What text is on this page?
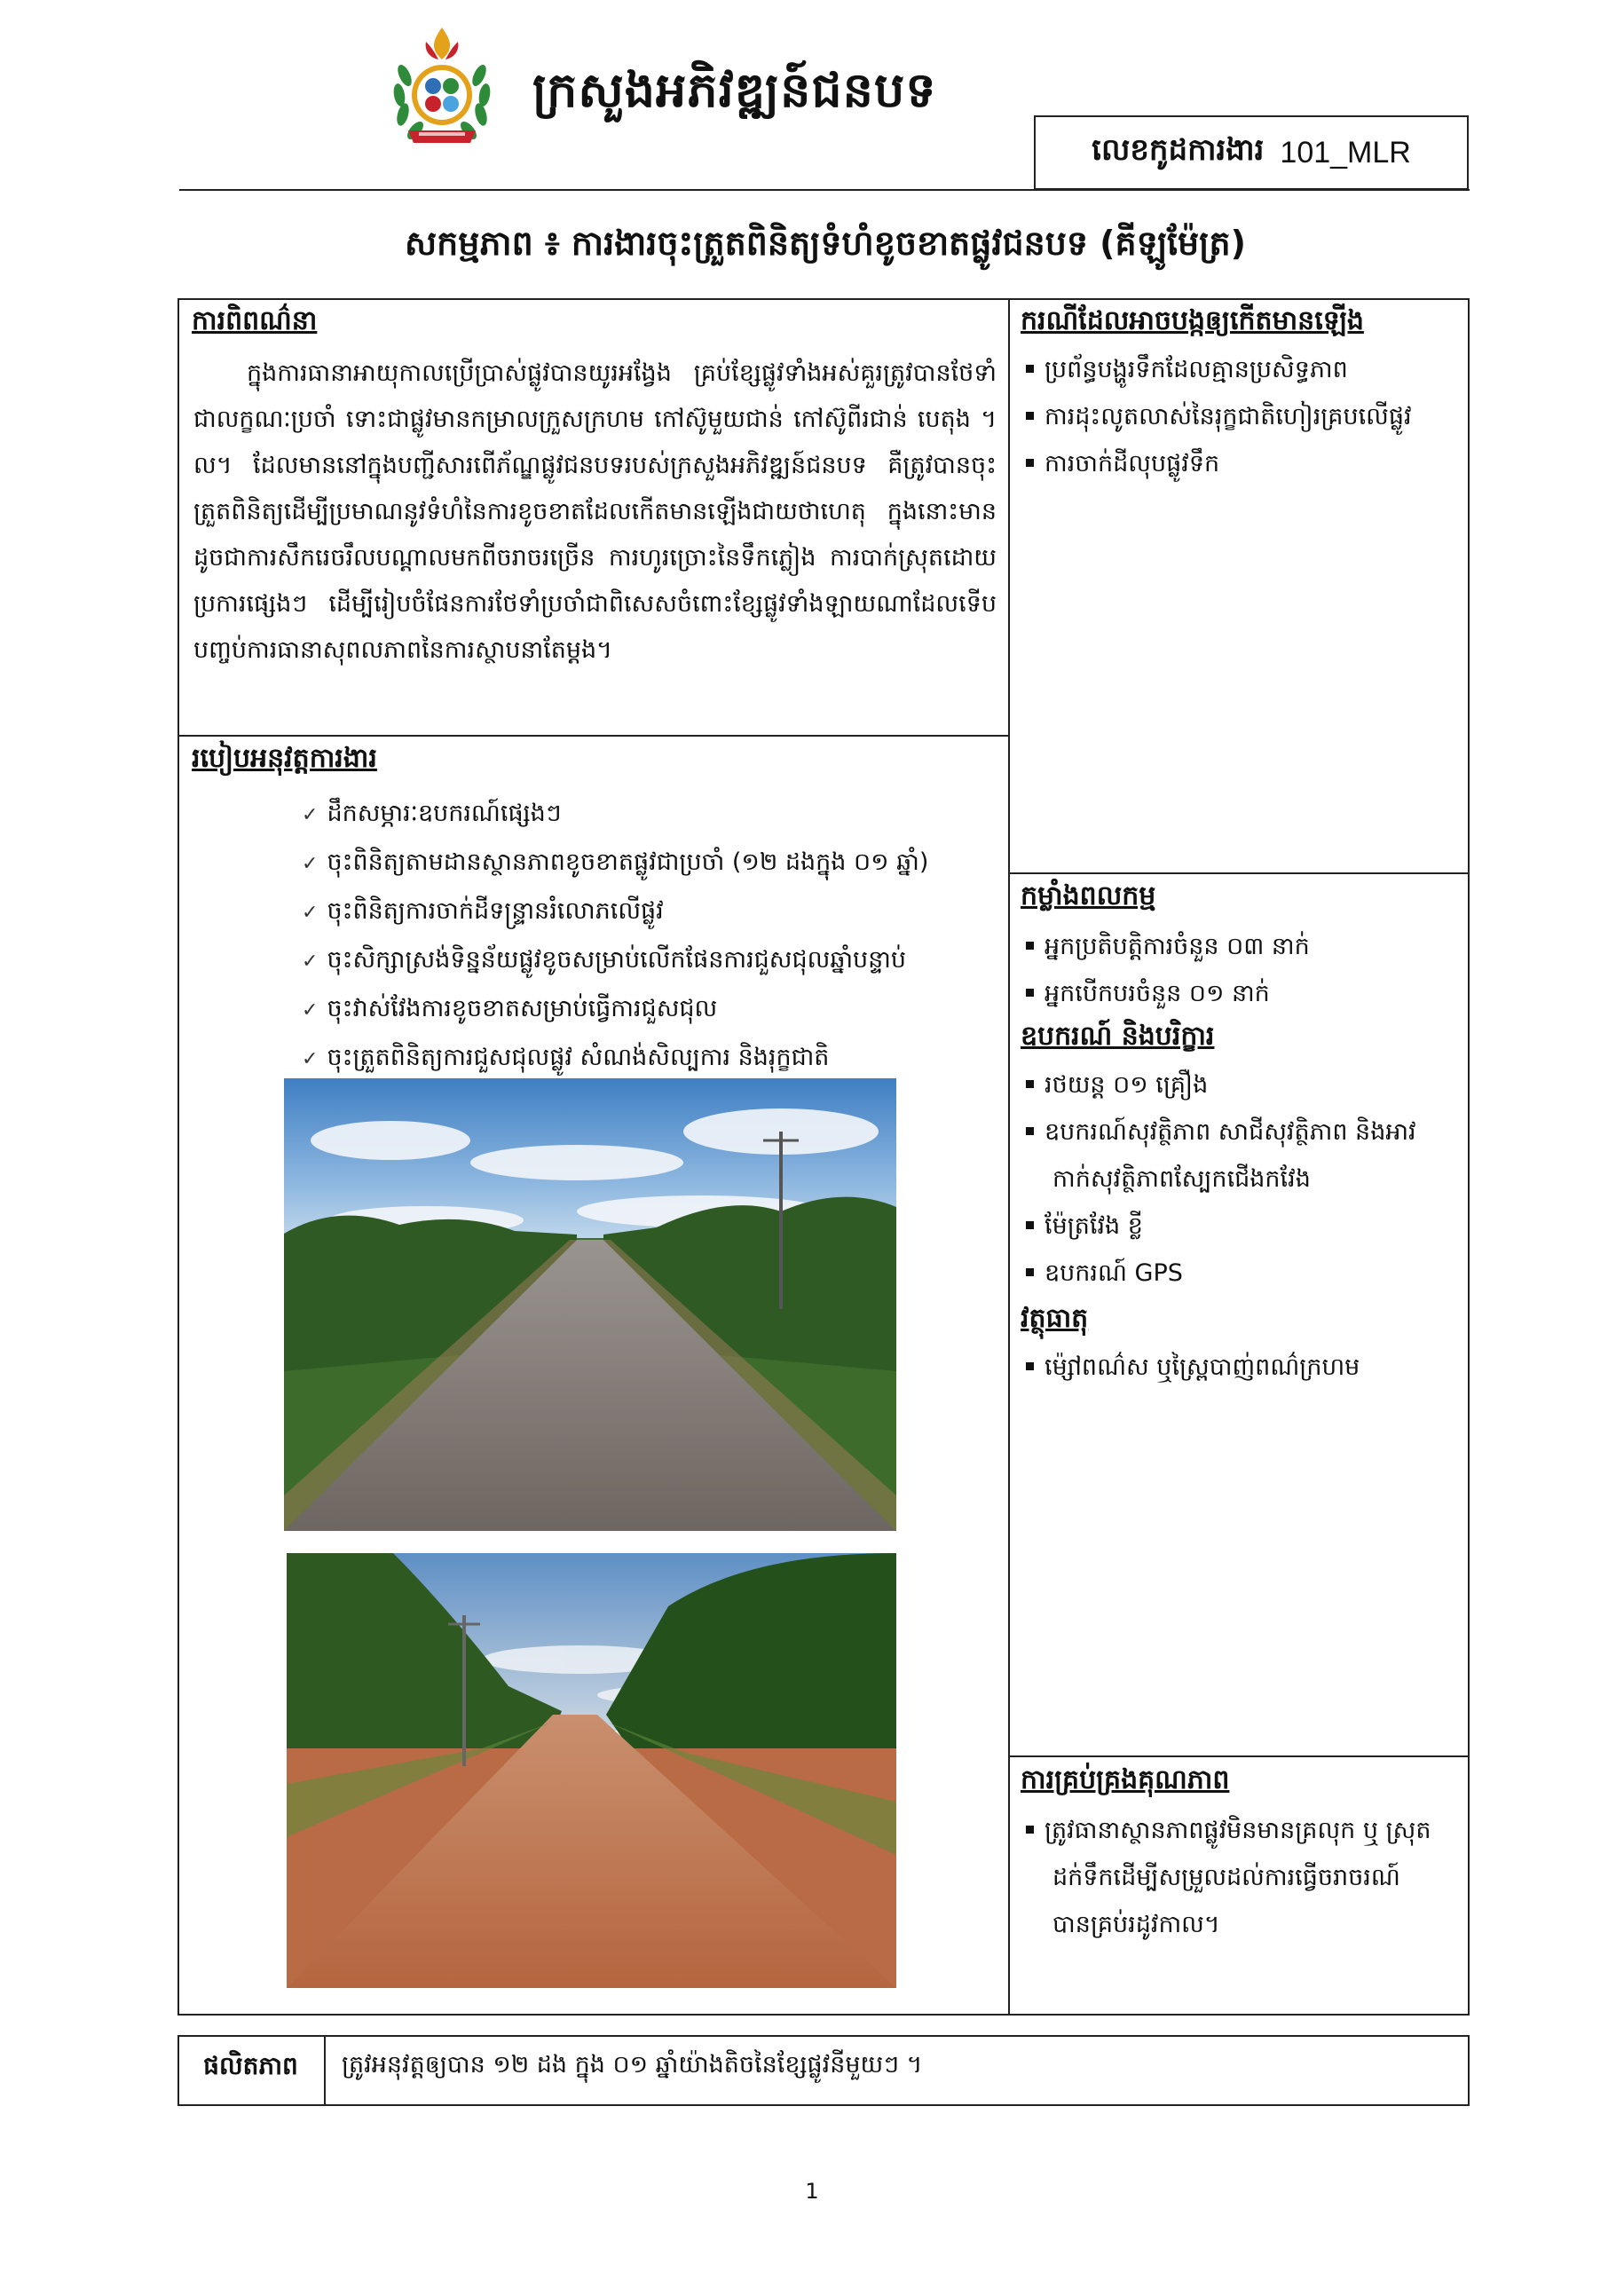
ក្រសួងអភិវឌ្ឍន៍ជនបទ
លេខកូដការងារ 101_MLR
សកម្មភាព ៖ ការងារចុះត្រួតពិនិត្យទំហំខូចខាតផ្លូវជនបទ (គីឡូម៉ែត្រ)
ការពិពណ៌នា

ក្នុងការធានាអាយុកាលប្រើប្រាស់ផ្លូវបានយូរអង្វែង គ្រប់ខ្សែផ្លូវទាំងអស់គួរត្រូវបានថែទាំជាលក្ខណៈប្រចាំ ទោះជាផ្លូវមានកម្រាលក្រួសក្រហម កៅស៊ូមួយជាន់ កៅស៊ូពីរជាន់ បេតុង ។ល។ ដែលមាននៅក្នុងបញ្ជីសារពើភ័ណ្ឌផ្លូវជនបទរបស់ក្រសួងអភិវឌ្ឍន៍ជនបទ គឺត្រូវបានចុះត្រួតពិនិត្យដើម្បីប្រមាណនូវទំហំនៃការខូចខាតដែលកើតមានឡើងជាយថាហេតុ ក្នុងនោះមានដូចជាការសឹករេចរឹលបណ្តាលមកពីចរាចរច្រើន ការហូរច្រោះនៃទឹកភ្លៀង ការបាក់ស្រុតដោយប្រការផ្សេងៗ ដើម្បីរៀបចំផែនការថែទាំប្រចាំជាពិសេសចំពោះខ្សែផ្លូវទាំងឡាយណាដែលទើបបញ្ចប់ការធានាសុពលភាពនៃការស្ថាបនាតែម្តង។

របៀបអនុវត្តការងារ
✓ ដឹកសម្ភារៈឧបករណ៍ផ្សេងៗ
✓ ចុះពិនិត្យតាមដានស្ថានភាពខូចខាតផ្លូវជាប្រចាំ (១២ ដងក្នុង ០១ ឆ្នាំ)
✓ ចុះពិនិត្យការចាក់ដីទន្រ្ទានរំលោភលើផ្លូវ
✓ ចុះសិក្សាស្រង់ទិន្នន័យផ្លូវខូចសម្រាប់លើកផែនការជួសជុលឆ្នាំបន្ទាប់
✓ ចុះវាស់វែងការខូចខាតសម្រាប់ធ្វើការជួសជុល
✓ ចុះត្រួតពិនិត្យការជួសជុលផ្លូវ សំណង់សិល្បការ និងរុក្ខជាតិ
ករណីដែលអាចបង្កឲ្យកើតមានឡើង
ប្រព័ន្ធបង្ហូរទឹកដែលគ្មានប្រសិទ្ធភាព
ការដុះលូតលាស់នៃរុក្ខជាតិហៀរគ្របលើផ្លូវ
ការចាក់ដីលុបផ្លូវទឹក
កម្លាំងពលកម្ម
អ្នកប្រតិបត្តិការចំនួន ០៣ នាក់
អ្នកបើកបរចំនួន ០១ នាក់
ឧបករណ៍ និងបរិក្ខារ
រថយន្ត ០១ គ្រឿង
ឧបករណ៍សុវត្ថិភាព សាជីសុវត្ថិភាព និងអាវ
កាក់សុវត្ថិភាពស្បែកជើងកវែង
ម៉ែត្រវែង ខ្លី
ឧបករណ៍ GPS
វត្ថុធាតុ
ម៉្សៅពណ៌ស ឬស្ព្រៃបាញ់ពណ៌ក្រហម
ការគ្រប់គ្រងគុណភាព
ត្រូវធានាស្ថានភាពផ្លូវមិនមានគ្រលុក ឬ ស្រុត
ដក់ទឹកដើម្បីសម្រួលដល់ការធ្វើចរាចរណ៍
បានគ្រប់រដូវកាល។
ផលិតភាព	ត្រូវអនុវត្តឲ្យបាន ១២ ដង ក្នុង ០១ ឆ្នាំយ៉ាងតិចនៃខ្សែផ្លូវនីមួយៗ ។
1
